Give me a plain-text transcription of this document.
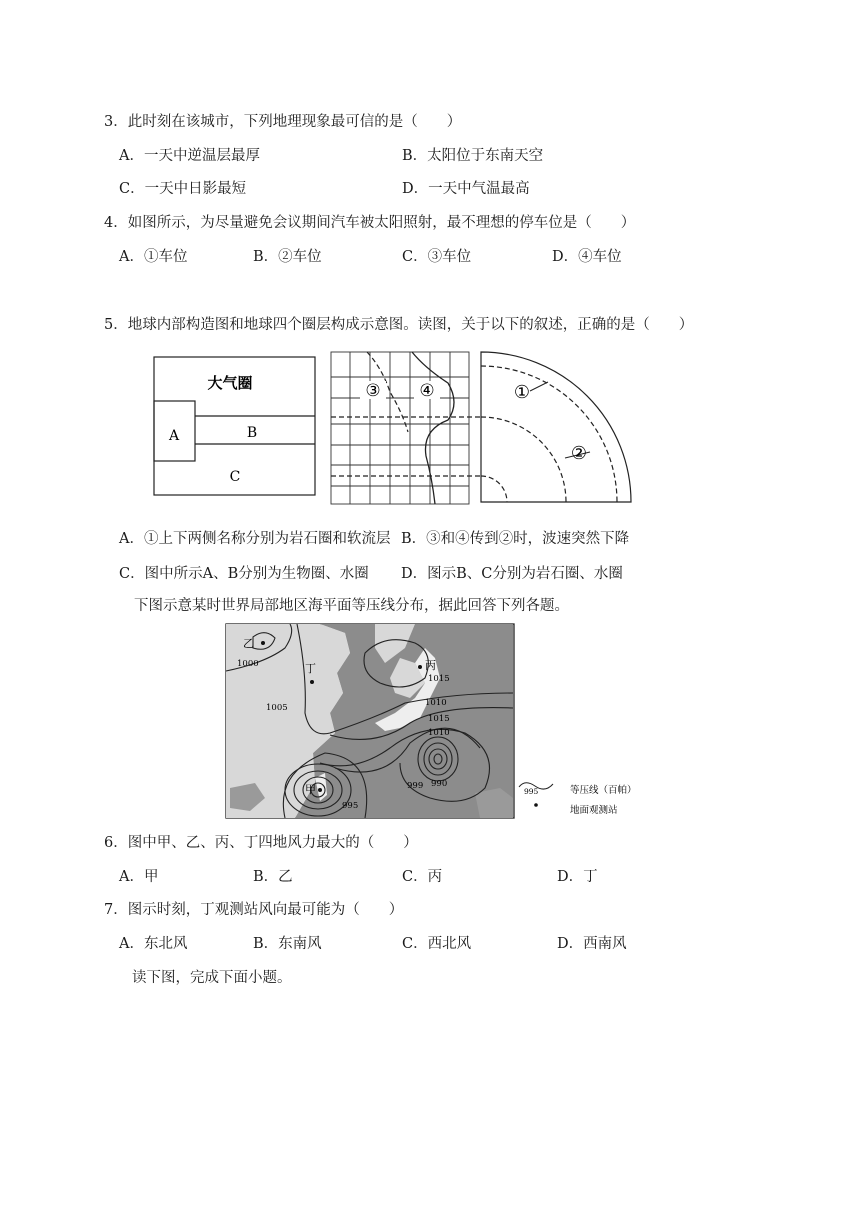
3．此时刻在该城市，下列地理现象最可信的是（　　）
A．一天中逆温层最厚	B．太阳位于东南天空
C．一天中日影最短	D．一天中气温最高
4．如图所示，为尽量避免会议期间汽车被太阳照射，最不理想的停车位是（　　）
A．①车位	B．②车位	C．③车位	D．④车位
5．地球内部构造图和地球四个圈层构成示意图。读图，关于以下的叙述，正确的是（　　）
大气圈
A	B
C
③ ④	①
②
A．①上下两侧名称分别为岩石圈和软流层 B．③和④传到②时，波速突然下降
C．图中所示A、B分别为生物圈、水圈 D．图示B、C分别为岩石圈、水圈
下图示意某时世界局部地区海平面等压线分布，据此回答下列各题。
乙
丁	丙
甲
1000
1005
1015
1010
1015
1010
999 990
995
995	等压线（百帕）
地面观测站
6．图中甲、乙、丙、丁四地风力最大的（　　）
A．甲	B．乙	C．丙	D．丁
7．图示时刻，丁观测站风向最可能为（　　）
A．东北风	B．东南风	C．西北风	D．西南风
读下图，完成下面小题。
